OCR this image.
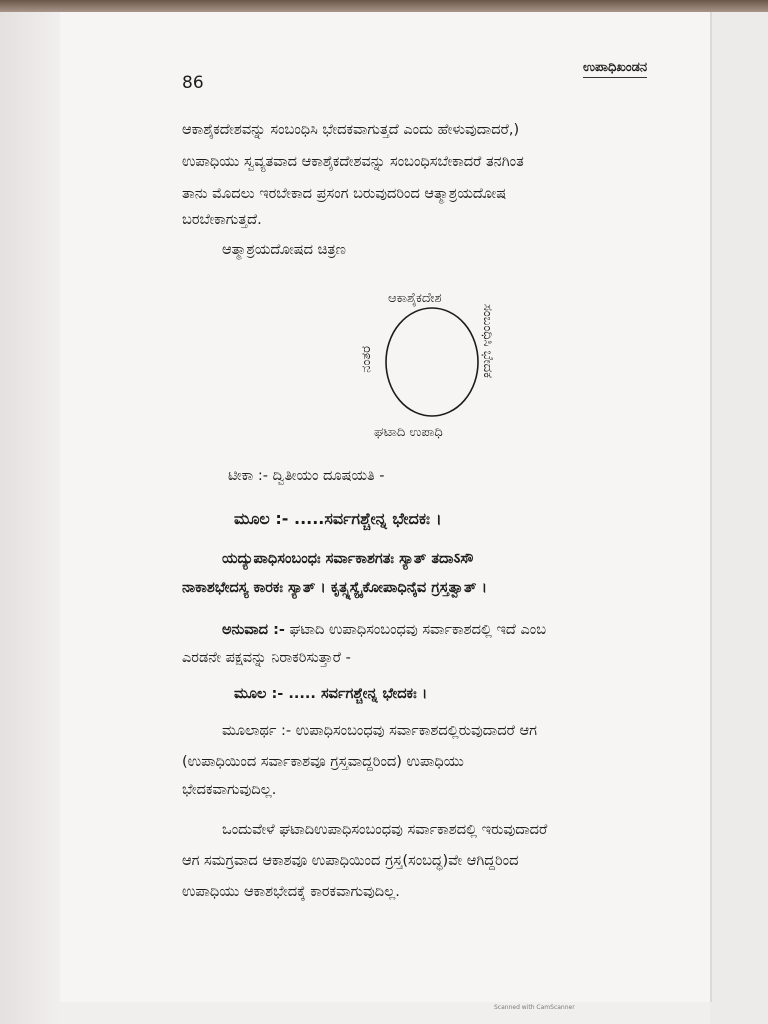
86
ಉಪಾಧಿಖಂಡನ
ಆಕಾಶೈಕದೇಶವನ್ನು ಸಂಬಂಧಿಸಿ ಭೇದಕವಾಗುತ್ತದೆ ಎಂದು ಹೇಳುವುದಾದರೆ,)
ಉಪಾಧಿಯು ಸ್ವವ್ಯತವಾದ ಆಕಾಶೈಕದೇಶವನ್ನು ಸಂಬಂಧಿಸಬೇಕಾದರೆ ತನಗಿಂತ
ತಾನು ಮೊದಲು ಇರಬೇಕಾದ ಪ್ರಸಂಗ ಬರುವುದರಿಂದ ಆತ್ಮಾಶ್ರಯದೋಷ
ಬರಬೇಕಾಗುತ್ತದೆ.
ಆತ್ಮಾಶ್ರಯದೋಷದ ಚಿತ್ರಣ
ಆಕಾಶೈಕದೇಶ
ಸಂಬಂಧಿಸಿ ಭೇದಕ
ಘಟಾದಿ ಉಪಾಧಿ
ನಂತರ
ಟೀಕಾ :- ದ್ವಿತೀಯಂ ದೂಷಯತಿ -
ಮೂಲ :- .....ಸರ್ವಗಶ್ಚೇನ್ನ ಭೇದಕಃ ।
ಯದ್ಯುಪಾಧಿಸಂಬಂಧಃ ಸರ್ವಾಕಾಶಗತಃ ಸ್ಯಾತ್ ತದಾऽಸೌ
ನಾಕಾಶಭೇದಸ್ಯ ಕಾರಕಃ ಸ್ಯಾತ್ । ಕೃತ್ಸ್ನಸ್ಯೈಕೋಪಾಧಿನೈವ ಗ್ರಸ್ತತ್ವಾತ್ ।
ಅನುವಾದ :- ಘಟಾದಿ ಉಪಾಧಿಸಂಬಂಧವು ಸರ್ವಾಕಾಶದಲ್ಲಿ ಇದೆ ಎಂಬ
ಎರಡನೇ ಪಕ್ಷವನ್ನು ನಿರಾಕರಿಸುತ್ತಾರೆ -
ಮೂಲ :- ..... ಸರ್ವಗಶ್ಚೇನ್ನ ಭೇದಕಃ ।
ಮೂಲಾರ್ಥ :- ಉಪಾಧಿಸಂಬಂಧವು ಸರ್ವಾಕಾಶದಲ್ಲಿರುವುದಾದರೆ ಆಗ
(ಉಪಾಧಿಯಿಂದ ಸರ್ವಾಕಾಶವೂ ಗ್ರಸ್ತವಾದ್ದರಿಂದ) ಉಪಾಧಿಯು
ಭೇದಕವಾಗುವುದಿಲ್ಲ.
ಒಂದುವೇಳೆ ಘಟಾದಿಉಪಾಧಿಸಂಬಂಧವು ಸರ್ವಾಕಾಶದಲ್ಲಿ ಇರುವುದಾದರೆ
ಆಗ ಸಮಗ್ರವಾದ ಆಕಾಶವೂ ಉಪಾಧಿಯಿಂದ ಗ್ರಸ್ತ(ಸಂಬದ್ಧ)ವೇ ಆಗಿದ್ದರಿಂದ
ಉಪಾಧಿಯು ಆಕಾಶಭೇದಕ್ಕೆ ಕಾರಕವಾಗುವುದಿಲ್ಲ.
Scanned with CamScanner
